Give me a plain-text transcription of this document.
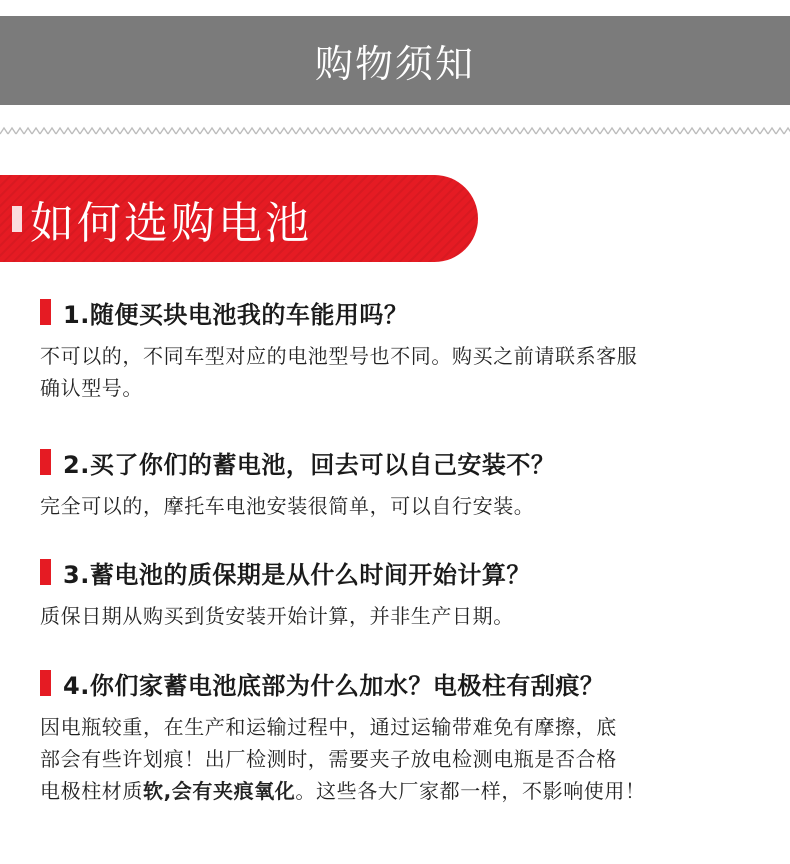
购物须知
如何选购电池
1.随便买块电池我的车能用吗？
不可以的，不同车型对应的电池型号也不同。购买之前请联系客服
确认型号。
2.买了你们的蓄电池，回去可以自己安装不？
完全可以的，摩托车电池安装很简单，可以自行安装。
3.蓄电池的质保期是从什么时间开始计算？
质保日期从购买到货安装开始计算，并非生产日期。
4.你们家蓄电池底部为什么加水？电极柱有刮痕？
因电瓶较重，在生产和运输过程中，通过运输带难免有摩擦，底
部会有些许划痕！出厂检测时，需要夹子放电检测电瓶是否合格
电极柱材质软,会有夹痕氧化。这些各大厂家都一样，不影响使用！
